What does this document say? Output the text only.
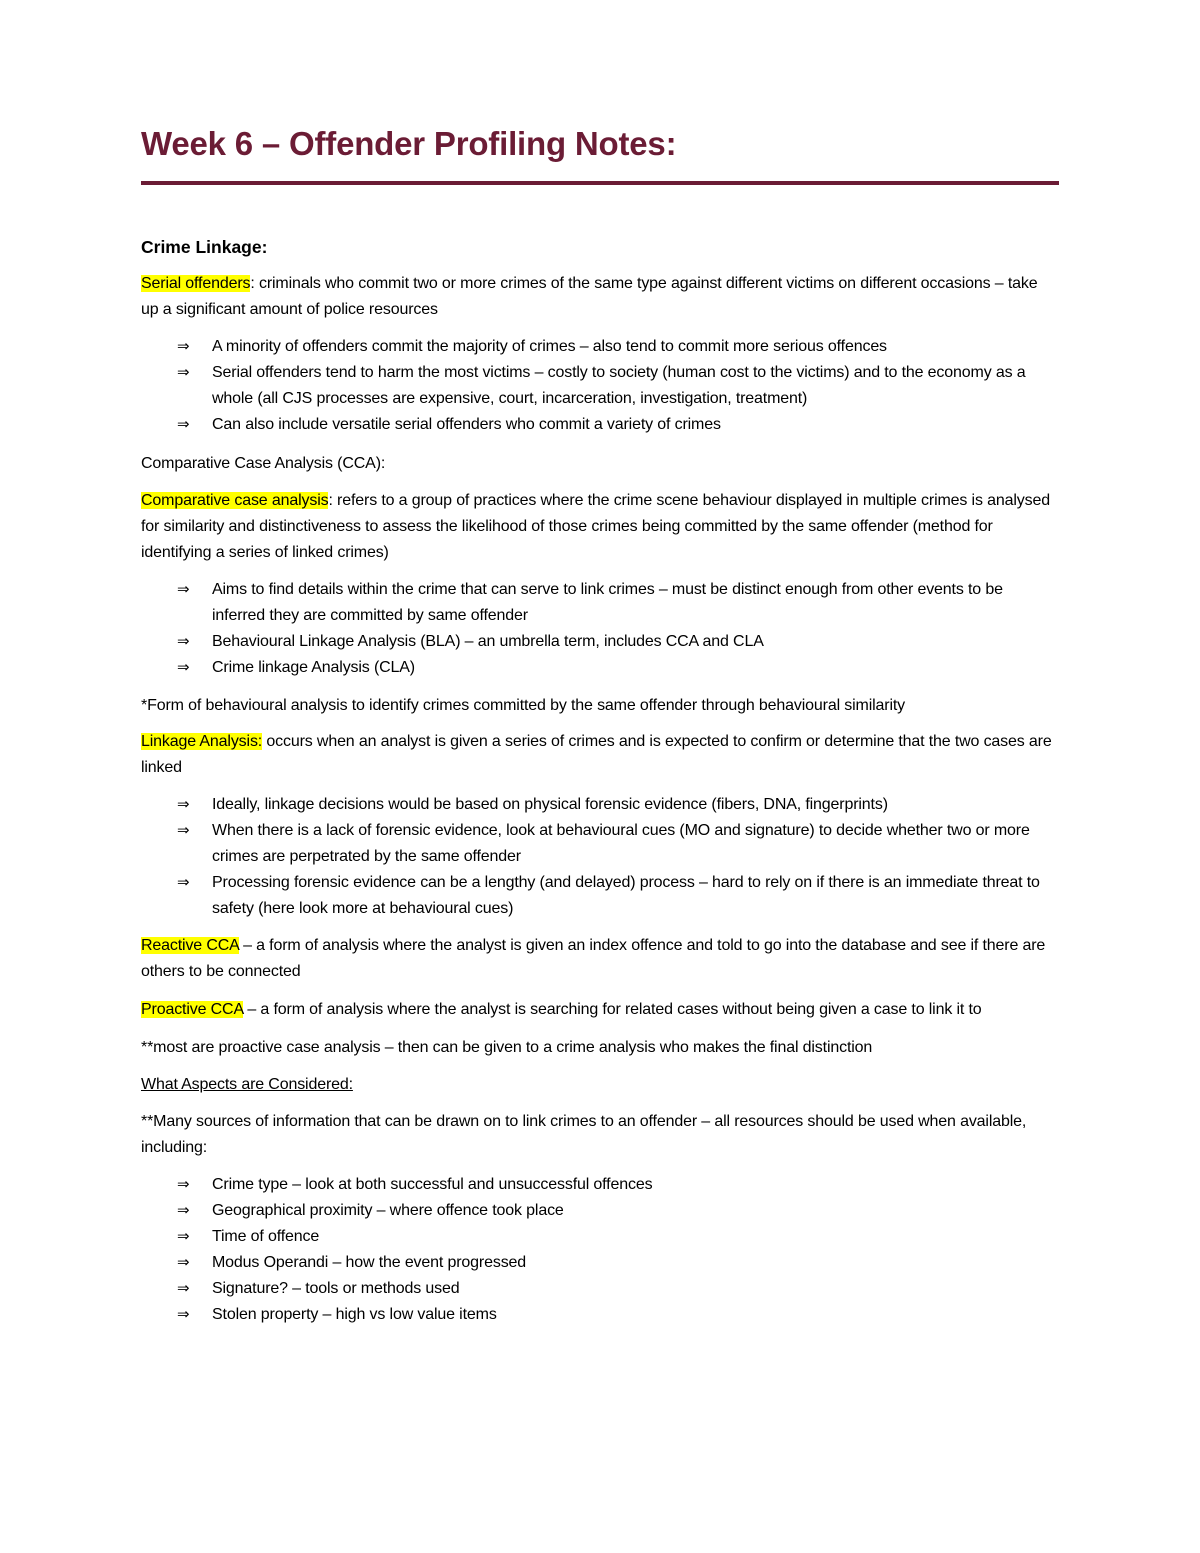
Week 6 – Offender Profiling Notes:
Crime Linkage:

Serial offenders: criminals who commit two or more crimes of the same type against different victims on different occasions – take up a significant amount of police resources

⇒ A minority of offenders commit the majority of crimes – also tend to commit more serious offences
⇒ Serial offenders tend to harm the most victims – costly to society (human cost to the victims) and to the economy as a whole (all CJS processes are expensive, court, incarceration, investigation, treatment)
⇒ Can also include versatile serial offenders who commit a variety of crimes

Comparative Case Analysis (CCA):

Comparative case analysis: refers to a group of practices where the crime scene behaviour displayed in multiple crimes is analysed for similarity and distinctiveness to assess the likelihood of those crimes being committed by the same offender (method for identifying a series of linked crimes)

⇒ Aims to find details within the crime that can serve to link crimes – must be distinct enough from other events to be inferred they are committed by same offender
⇒ Behavioural Linkage Analysis (BLA) – an umbrella term, includes CCA and CLA
⇒ Crime linkage Analysis (CLA)

*Form of behavioural analysis to identify crimes committed by the same offender through behavioural similarity

Linkage Analysis: occurs when an analyst is given a series of crimes and is expected to confirm or determine that the two cases are linked

⇒ Ideally, linkage decisions would be based on physical forensic evidence (fibers, DNA, fingerprints)
⇒ When there is a lack of forensic evidence, look at behavioural cues (MO and signature) to decide whether two or more crimes are perpetrated by the same offender
⇒ Processing forensic evidence can be a lengthy (and delayed) process – hard to rely on if there is an immediate threat to safety (here look more at behavioural cues)

Reactive CCA – a form of analysis where the analyst is given an index offence and told to go into the database and see if there are others to be connected

Proactive CCA – a form of analysis where the analyst is searching for related cases without being given a case to link it to

**most are proactive case analysis – then can be given to a crime analysis who makes the final distinction

What Aspects are Considered:

**Many sources of information that can be drawn on to link crimes to an offender – all resources should be used when available, including:

⇒ Crime type – look at both successful and unsuccessful offences
⇒ Geographical proximity – where offence took place
⇒ Time of offence
⇒ Modus Operandi – how the event progressed
⇒ Signature? – tools or methods used
⇒ Stolen property – high vs low value items
